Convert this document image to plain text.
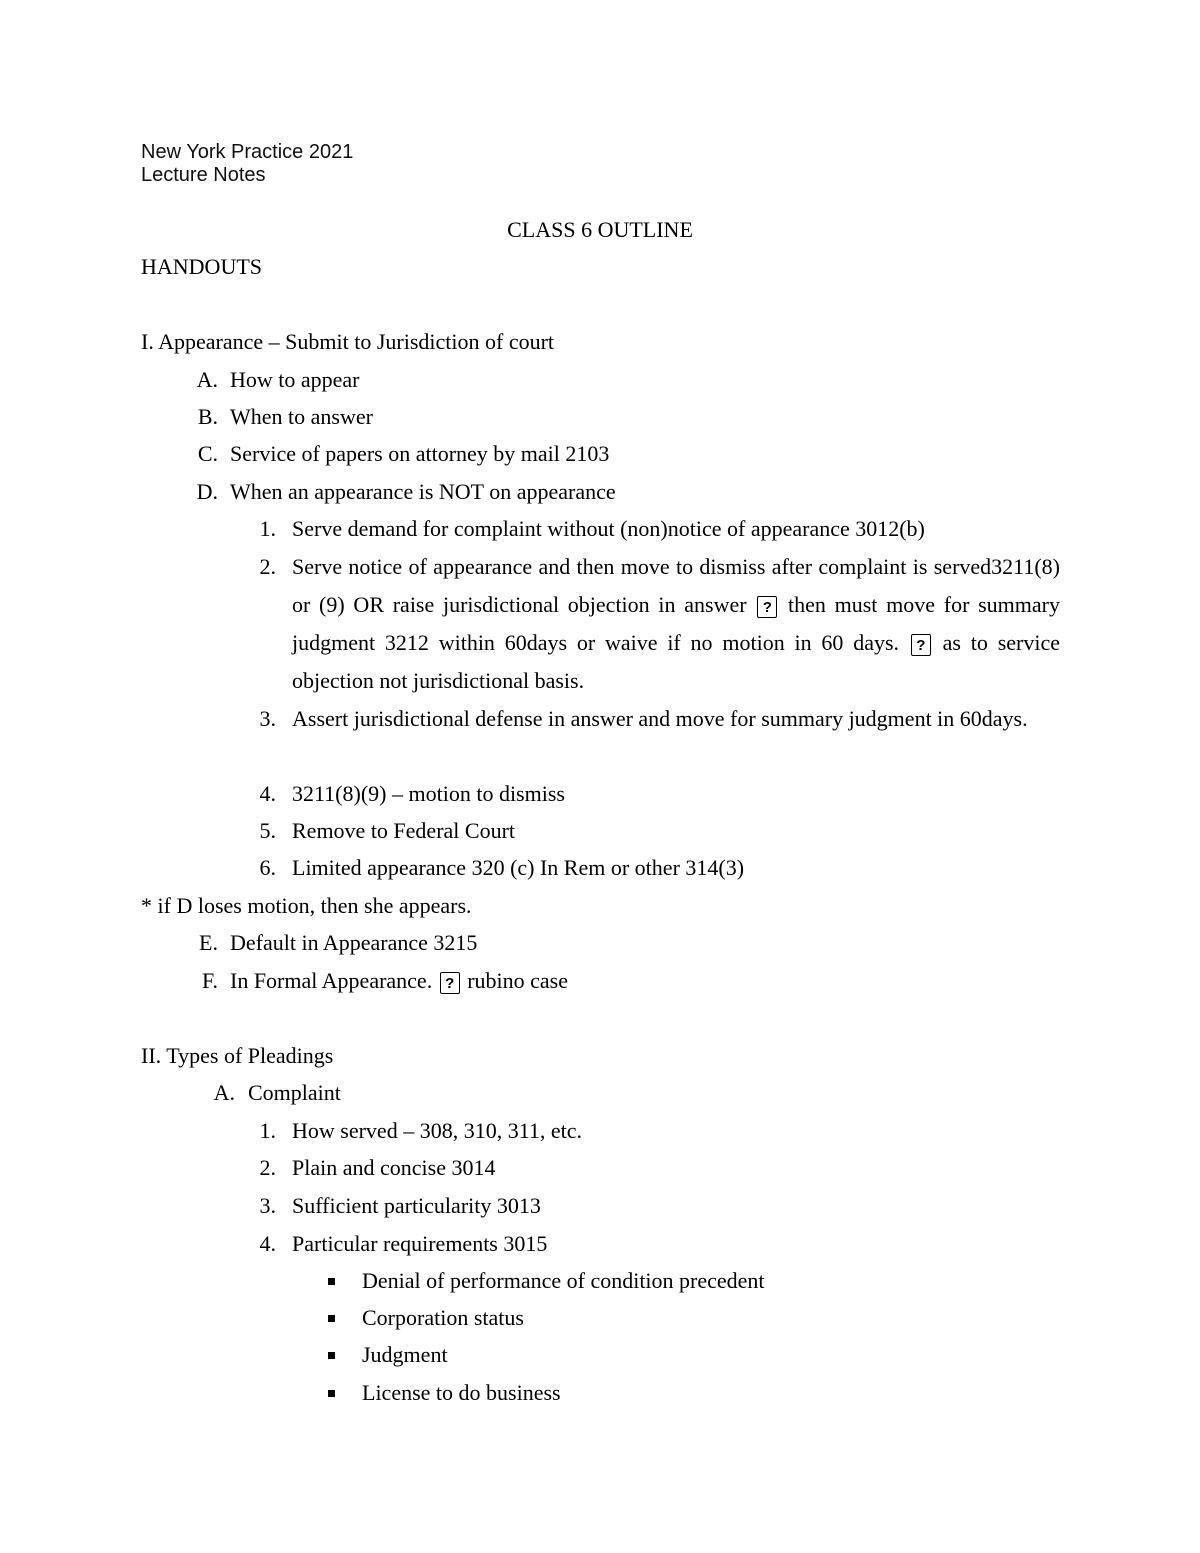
New York Practice 2021
Lecture Notes
CLASS 6 OUTLINE
HANDOUTS
I. Appearance – Submit to Jurisdiction of court
A. How to appear
B. When to answer
C. Service of papers on attorney by mail 2103
D. When an appearance is NOT on appearance
1. Serve demand for complaint without (non)notice of appearance 3012(b)
2. Serve notice of appearance and then move to dismiss after complaint is served3211(8) or (9) OR raise jurisdictional objection in answer ? then must move for summary judgment 3212 within 60days or waive if no motion in 60 days. ? as to service objection not jurisdictional basis.
3. Assert jurisdictional defense in answer and move for summary judgment in 60days.
4. 3211(8)(9) – motion to dismiss
5. Remove to Federal Court
6. Limited appearance 320 (c) In Rem or other 314(3)
* if D loses motion, then she appears.
E. Default in Appearance 3215
F. In Formal Appearance. ? rubino case
II. Types of Pleadings
A. Complaint
1. How served – 308, 310, 311, etc.
2. Plain and concise 3014
3. Sufficient particularity 3013
4. Particular requirements 3015
Denial of performance of condition precedent
Corporation status
Judgment
License to do business
